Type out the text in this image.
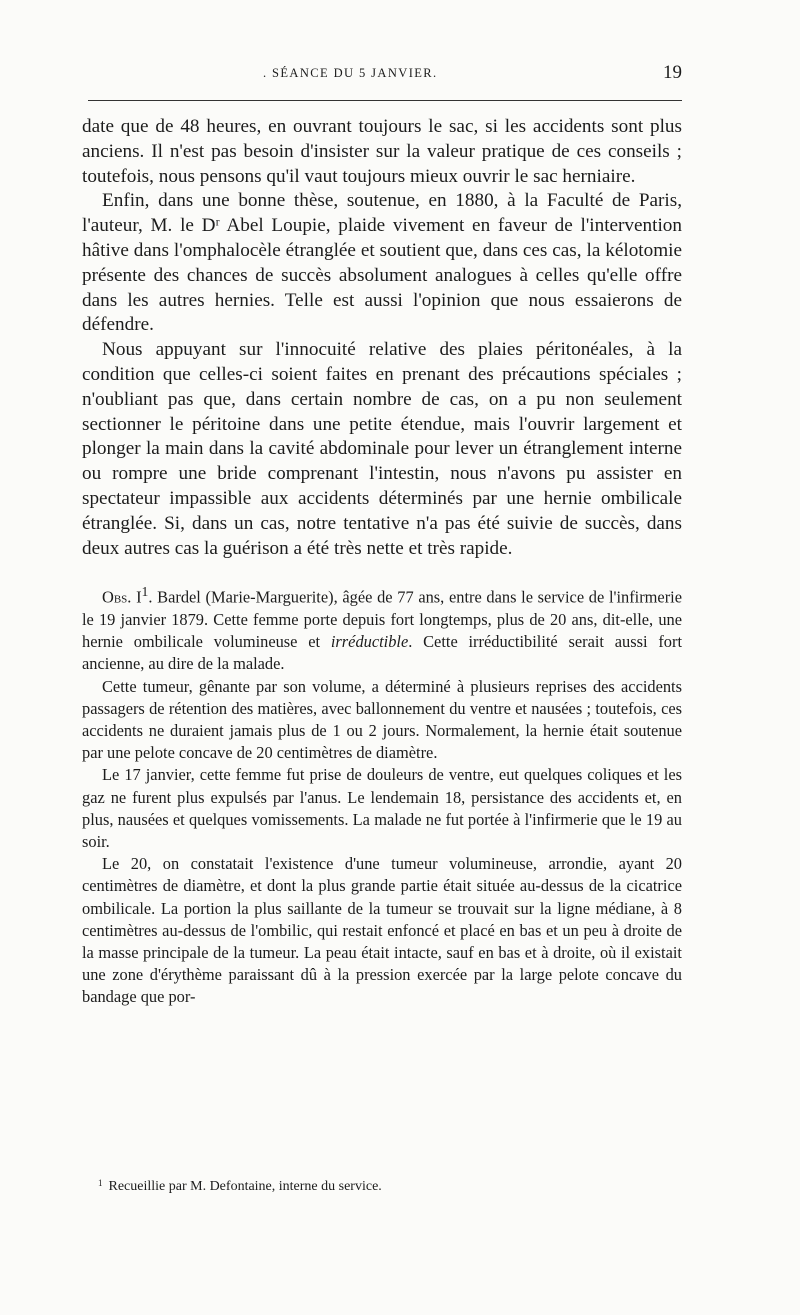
. SÉANCE DU 5 JANVIER.	19

date que de 48 heures, en ouvrant toujours le sac, si les accidents sont plus anciens. Il n'est pas besoin d'insister sur la valeur pratique de ces conseils ; toutefois, nous pensons qu'il vaut toujours mieux ouvrir le sac herniaire.

Enfin, dans une bonne thèse, soutenue, en 1880, à la Faculté de Paris, l'auteur, M. le Dʳ Abel Loupie, plaide vivement en faveur de l'intervention hâtive dans l'omphalocèle étranglée et soutient que, dans ces cas, la kélotomie présente des chances de succès absolument analogues à celles qu'elle offre dans les autres hernies. Telle est aussi l'opinion que nous essaierons de défendre.

Nous appuyant sur l'innocuité relative des plaies péritonéales, à la condition que celles-ci soient faites en prenant des précautions spéciales ; n'oubliant pas que, dans certain nombre de cas, on a pu non seulement sectionner le péritoine dans une petite étendue, mais l'ouvrir largement et plonger la main dans la cavité abdominale pour lever un étranglement interne ou rompre une bride comprenant l'intestin, nous n'avons pu assister en spectateur impassible aux accidents déterminés par une hernie ombilicale étranglée. Si, dans un cas, notre tentative n'a pas été suivie de succès, dans deux autres cas la guérison a été très nette et très rapide.

Obs. $I^1$. Bardel (Marie-Marguerite), âgée de 77 ans, entre dans le service de l'infirmerie le 19 janvier 1879. Cette femme porte depuis fort longtemps, plus de 20 ans, dit-elle, une hernie ombilicale volumineuse et irréductible. Cette irréductibilité serait aussi fort ancienne, au dire de la malade.

Cette tumeur, gênante par son volume, a déterminé à plusieurs reprises des accidents passagers de rétention des matières, avec ballonnement du ventre et nausées ; toutefois, ces accidents ne duraient jamais plus de 1 ou 2 jours. Normalement, la hernie était soutenue par une pelote concave de 20 centimètres de diamètre.

Le 17 janvier, cette femme fut prise de douleurs de ventre, eut quelques coliques et les gaz ne furent plus expulsés par l'anus. Le lendemain 18, persistance des accidents et, en plus, nausées et quelques vomissements. La malade ne fut portée à l'infirmerie que le 19 au soir.

Le 20, on constatait l'existence d'une tumeur volumineuse, arrondie, ayant 20 centimètres de diamètre, et dont la plus grande partie était située au-dessus de la cicatrice ombilicale. La portion la plus saillante de la tumeur se trouvait sur la ligne médiane, à 8 centimètres au-dessus de l'ombilic, qui restait enfoncé et placé en bas et un peu à droite de la masse principale de la tumeur. La peau était intacte, sauf en bas et à droite, où il existait une zone d'érythème paraissant dû à la pression exercée par la large pelote concave du bandage que por-

$^1$ Recueillie par M. Defontaine, interne du service.
